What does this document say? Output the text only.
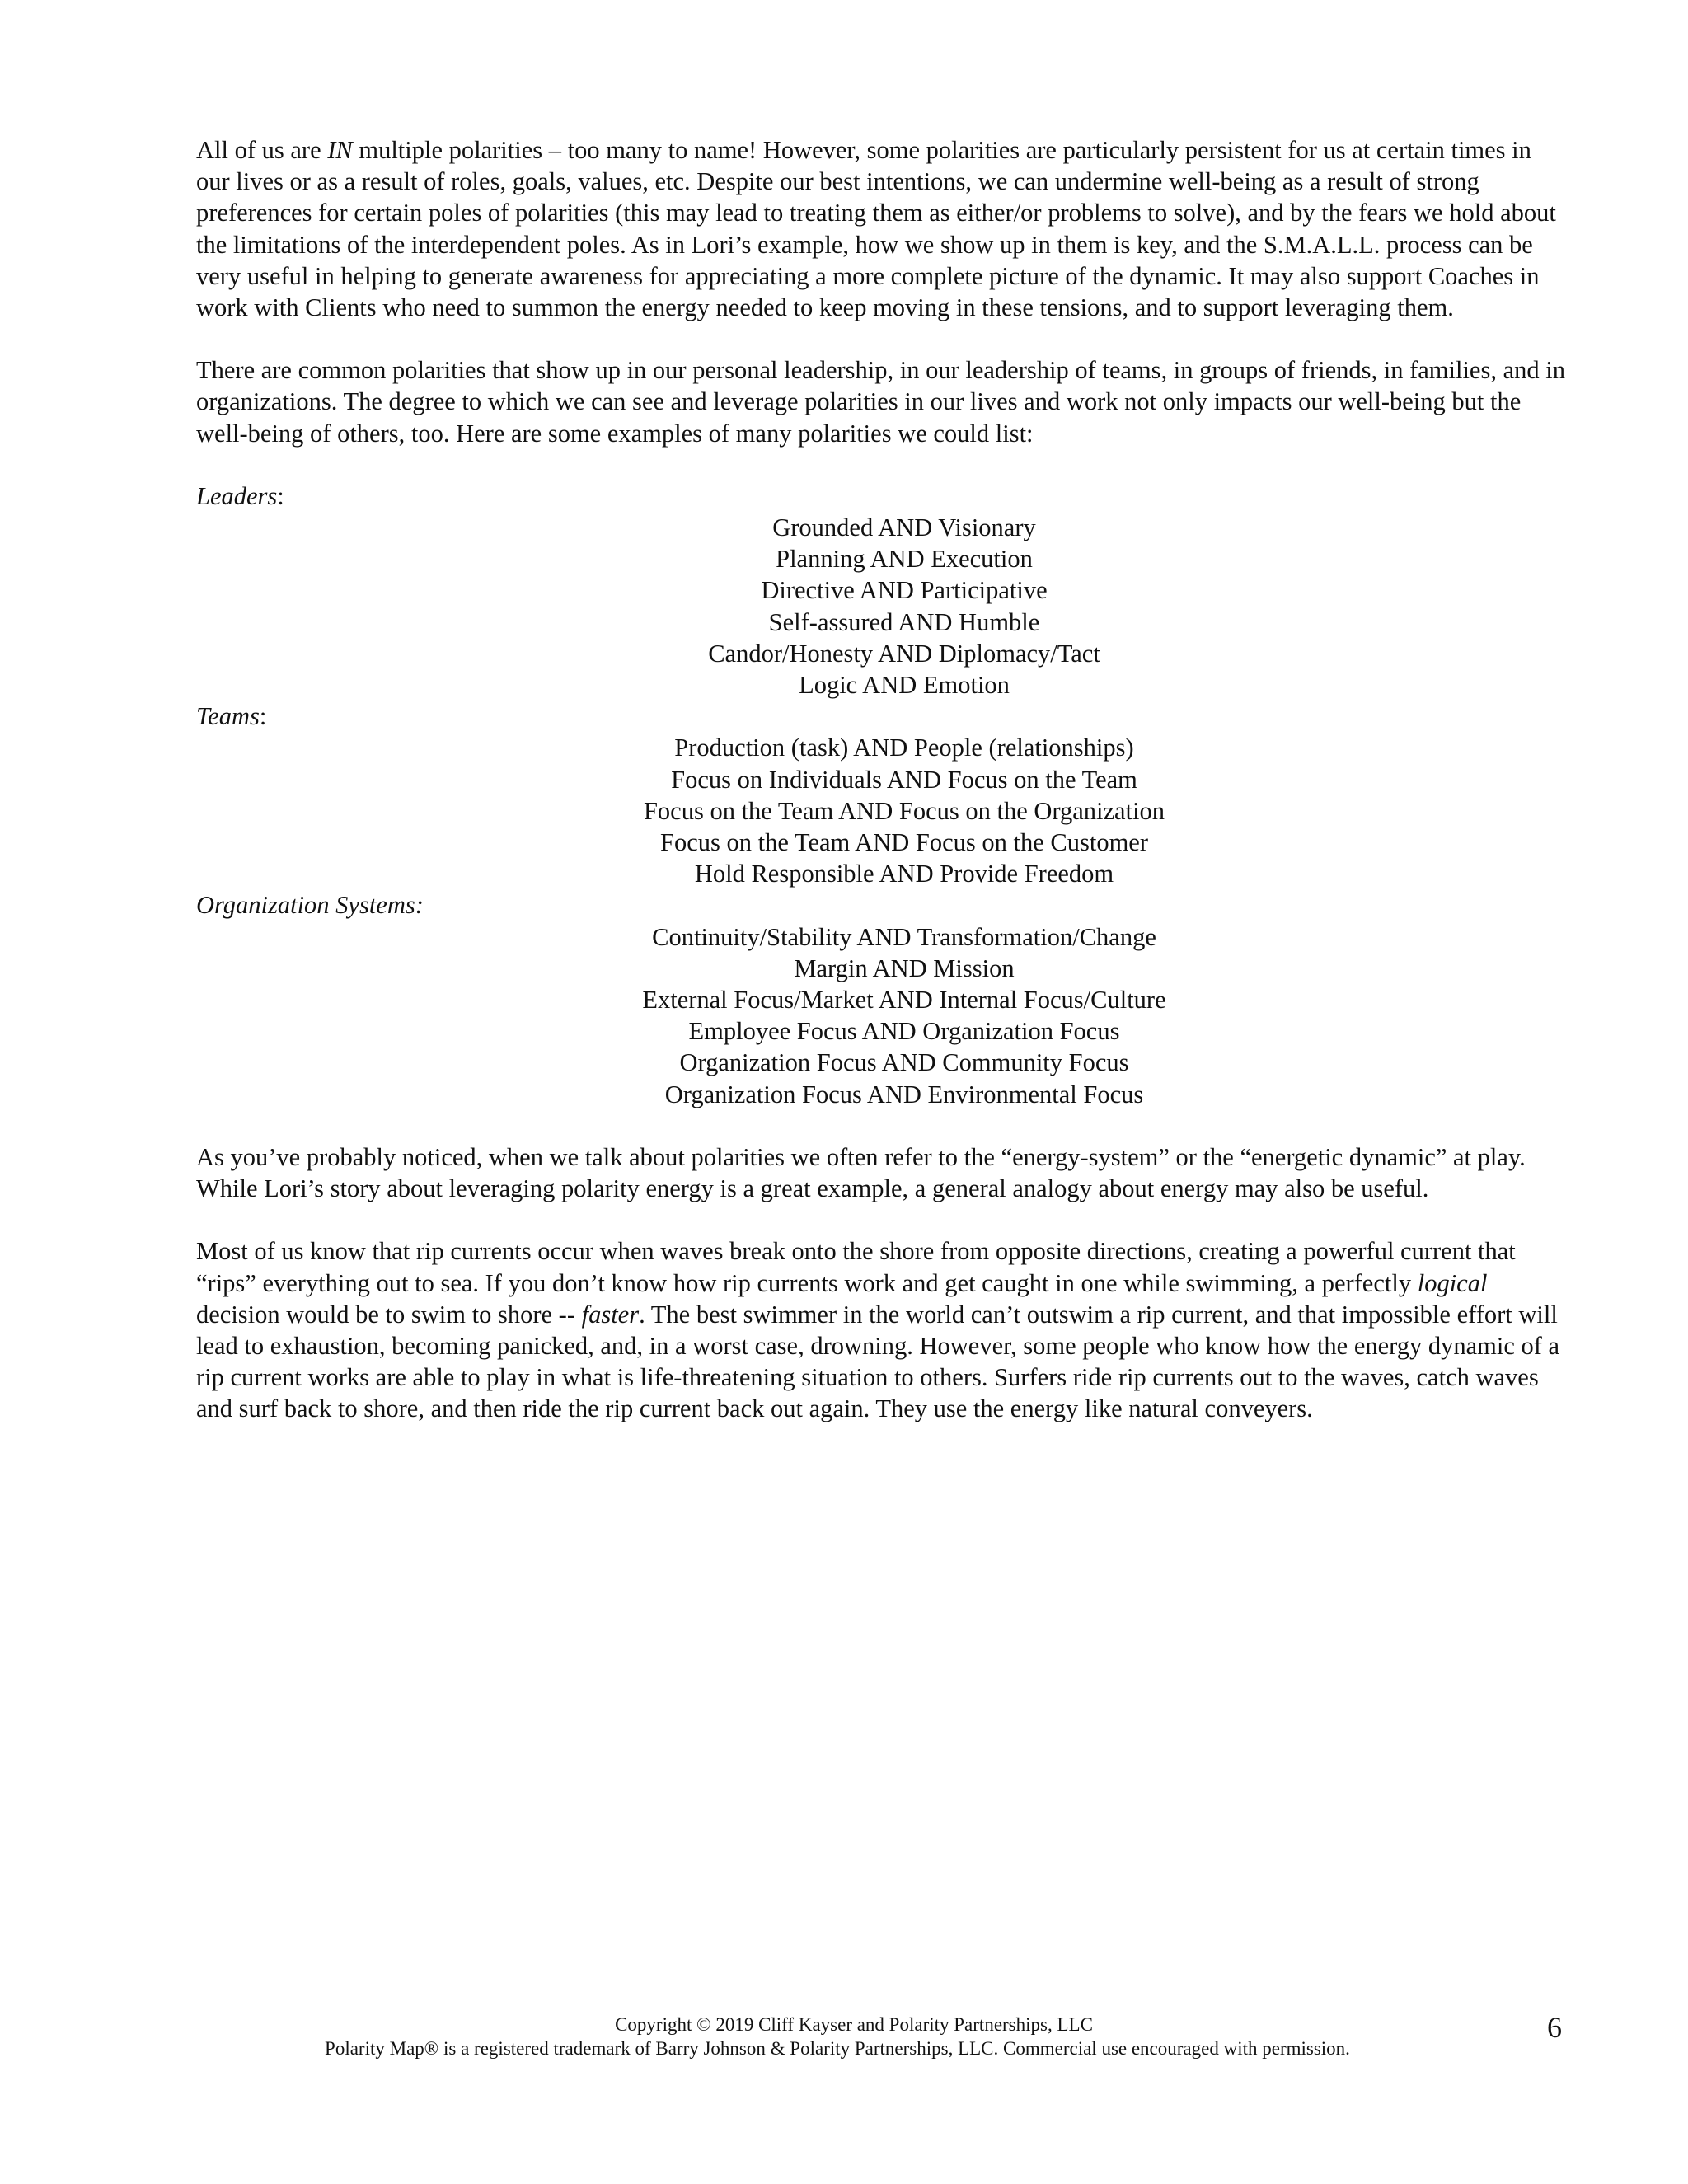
All of us are IN multiple polarities – too many to name! However, some polarities are particularly persistent for us at certain times in our lives or as a result of roles, goals, values, etc. Despite our best intentions, we can undermine well-being as a result of strong preferences for certain poles of polarities (this may lead to treating them as either/or problems to solve), and by the fears we hold about the limitations of the interdependent poles. As in Lori’s example, how we show up in them is key, and the S.M.A.L.L. process can be very useful in helping to generate awareness for appreciating a more complete picture of the dynamic. It may also support Coaches in work with Clients who need to summon the energy needed to keep moving in these tensions, and to support leveraging them.

There are common polarities that show up in our personal leadership, in our leadership of teams, in groups of friends, in families, and in organizations. The degree to which we can see and leverage polarities in our lives and work not only impacts our well-being but the well-being of others, too. Here are some examples of many polarities we could list:

Leaders:

Grounded AND Visionary
Planning AND Execution
Directive AND Participative
Self-assured AND Humble
Candor/Honesty AND Diplomacy/Tact
Logic AND Emotion

Teams:

Production (task) AND People (relationships)
Focus on Individuals AND Focus on the Team
Focus on the Team AND Focus on the Organization
Focus on the Team AND Focus on the Customer
Hold Responsible AND Provide Freedom

Organization Systems:

Continuity/Stability AND Transformation/Change
Margin AND Mission
External Focus/Market AND Internal Focus/Culture
Employee Focus AND Organization Focus
Organization Focus AND Community Focus
Organization Focus AND Environmental Focus

As you’ve probably noticed, when we talk about polarities we often refer to the “energy-system” or the “energetic dynamic” at play. While Lori’s story about leveraging polarity energy is a great example, a general analogy about energy may also be useful.

Most of us know that rip currents occur when waves break onto the shore from opposite directions, creating a powerful current that “rips” everything out to sea. If you don’t know how rip currents work and get caught in one while swimming, a perfectly logical decision would be to swim to shore -- faster. The best swimmer in the world can’t outswim a rip current, and that impossible effort will lead to exhaustion, becoming panicked, and, in a worst case, drowning. However, some people who know how the energy dynamic of a rip current works are able to play in what is life-threatening situation to others. Surfers ride rip currents out to the waves, catch waves and surf back to shore, and then ride the rip current back out again. They use the energy like natural conveyers.

Copyright © 2019 Cliff Kayser and Polarity Partnerships, LLC
Polarity Map® is a registered trademark of Barry Johnson & Polarity Partnerships, LLC. Commercial use encouraged with permission.
6
